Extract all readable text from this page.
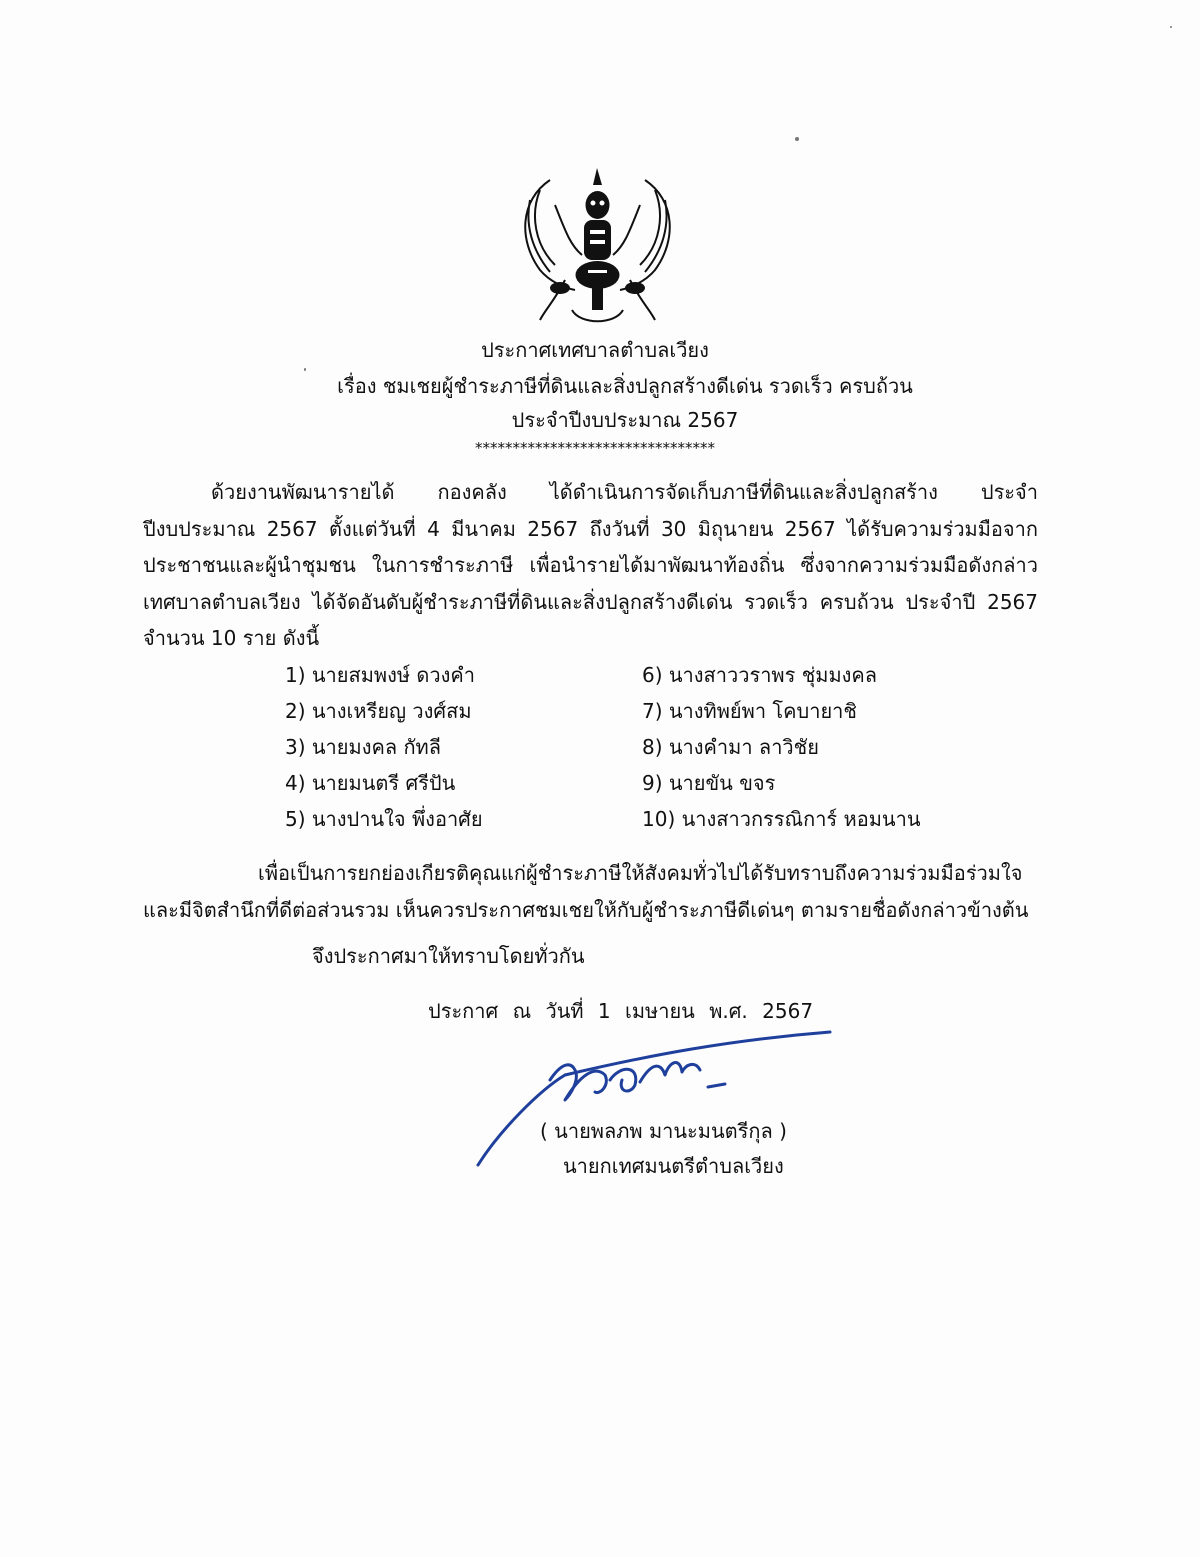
ประกาศเทศบาลตำบลเวียง
เรื่อง ชมเชยผู้ชำระภาษีที่ดินและสิ่งปลูกสร้างดีเด่น รวดเร็ว ครบถ้วน
ประจำปีงบประมาณ 2567
********************************
ด้วยงานพัฒนารายได้ กองคลัง ได้ดำเนินการจัดเก็บภาษีที่ดินและสิ่งปลูกสร้าง ประจำปีงบประมาณ 2567 ตั้งแต่วันที่ 4 มีนาคม 2567 ถึงวันที่ 30 มิถุนายน 2567 ได้รับความร่วมมือจากประชาชนและผู้นำชุมชน ในการชำระภาษี เพื่อนำรายได้มาพัฒนาท้องถิ่น ซึ่งจากความร่วมมือดังกล่าว เทศบาลตำบลเวียง ได้จัดอันดับผู้ชำระภาษีที่ดินและสิ่งปลูกสร้างดีเด่น รวดเร็ว ครบถ้วน ประจำปี 2567 จำนวน 10 ราย ดังนี้
1) นายสมพงษ์ ดวงคำ
2) นางเหรียญ วงศ์สม
3) นายมงคล กัทลี
4) นายมนตรี ศรีปัน
5) นางปานใจ พึ่งอาศัย
6) นางสาววราพร ชุ่มมงคล
7) นางทิพย์พา โคบายาชิ
8) นางคำมา ลาวิชัย
9) นายขัน ขจร
10) นางสาวกรรณิการ์ หอมนาน
เพื่อเป็นการยกย่องเกียรติคุณแก่ผู้ชำระภาษีให้สังคมทั่วไปได้รับทราบถึงความร่วมมือร่วมใจ และมีจิตสำนึกที่ดีต่อส่วนรวม เห็นควรประกาศชมเชยให้กับผู้ชำระภาษีดีเด่นๆ ตามรายชื่อดังกล่าวข้างต้น
จึงประกาศมาให้ทราบโดยทั่วกัน
ประกาศ ณ วันที่ 1 เมษายน พ.ศ. 2567
( นายพลภพ มานะมนตรีกุล )
นายกเทศมนตรีตำบลเวียง
